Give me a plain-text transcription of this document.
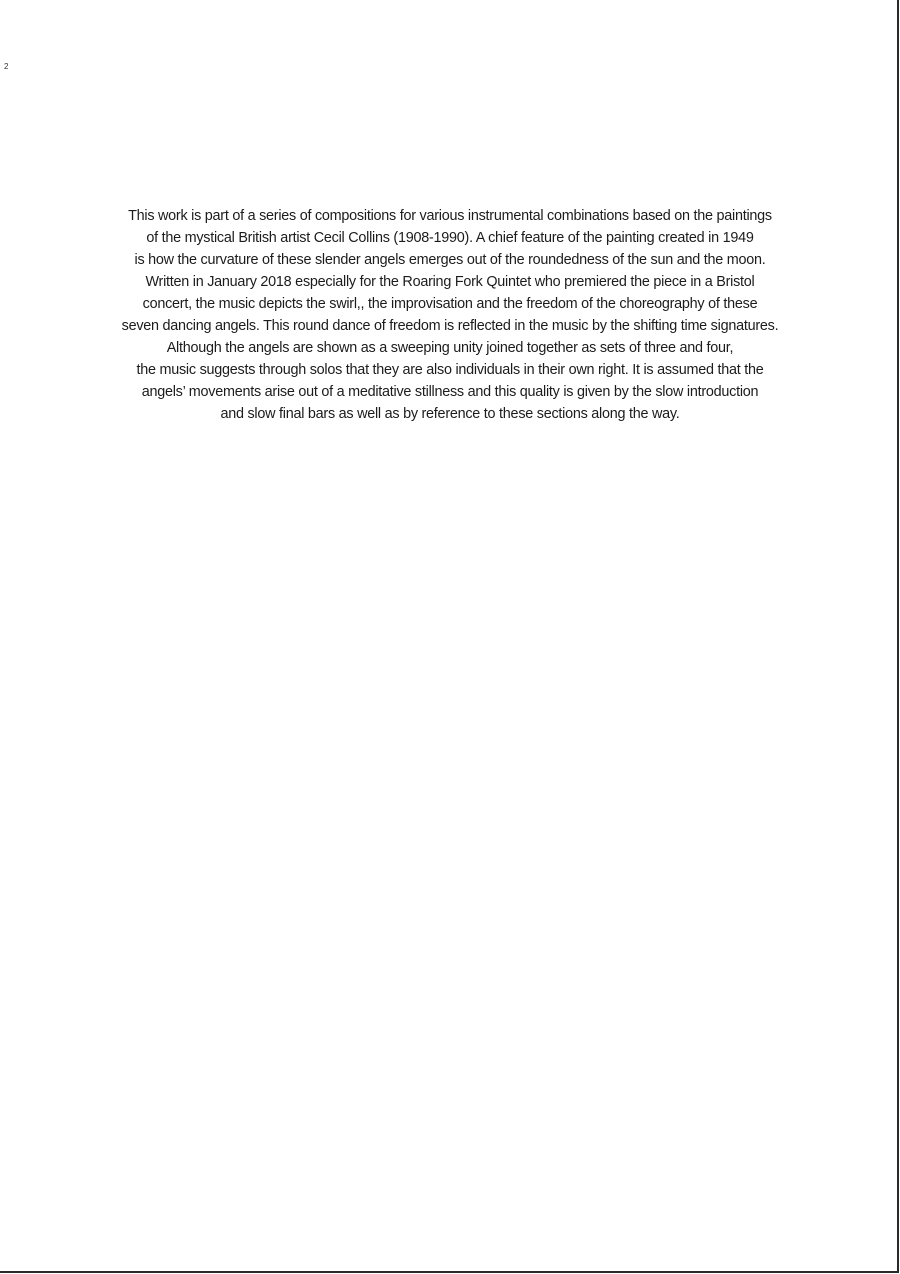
2
This work is part of a series of compositions for various instrumental combinations based on the paintings
of the mystical British artist Cecil Collins (1908-1990). A chief feature of the painting created in 1949
is how the curvature of these slender angels emerges out of the roundedness of the sun and the moon.
Written in January 2018 especially for the Roaring Fork Quintet who premiered the piece in a Bristol
concert, the music depicts the swirl,, the improvisation and the freedom of the choreography of these
seven dancing angels. This round dance of freedom is reflected in the music by the shifting time signatures.
Although the angels are shown as a sweeping unity joined together as sets of three and four,
the music suggests through solos that they are also individuals in their own right. It is assumed that the
angels’ movements arise out of a meditative stillness and this quality is given by the slow introduction
and slow final bars as well as by reference to these sections along the way.
